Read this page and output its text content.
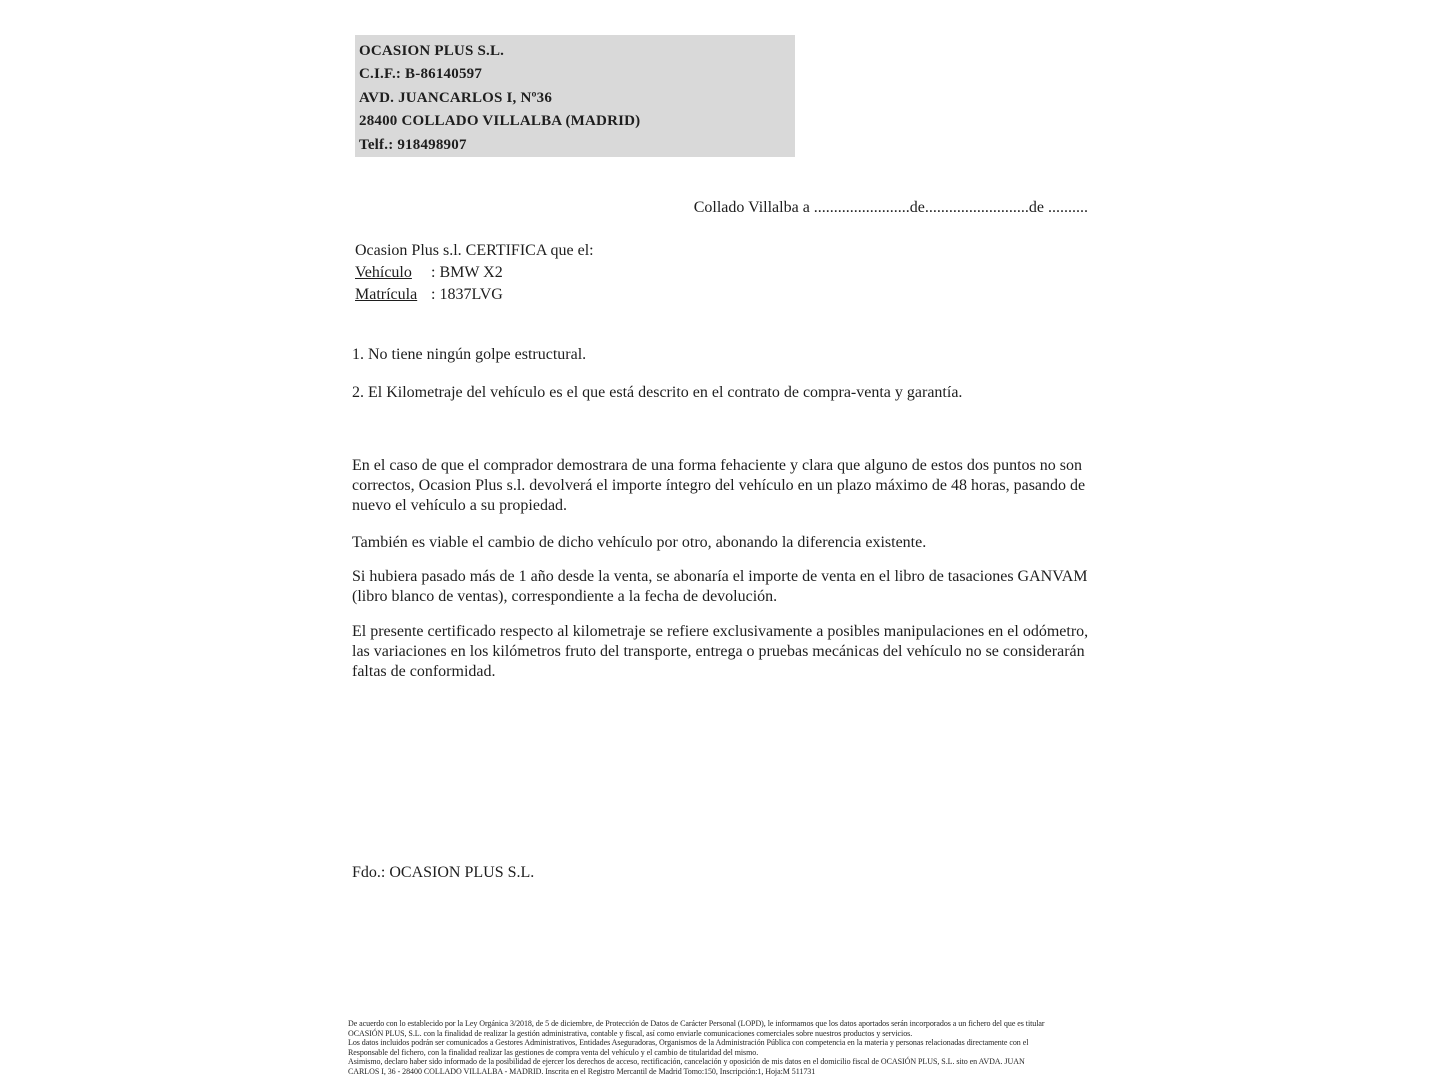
OCASION PLUS S.L.
C.I.F.: B-86140597
AVD. JUANCARLOS I, Nº36
28400 COLLADO VILLALBA (MADRID)
Telf.: 918498907
Collado Villalba a ........................de..........................de ..........
Ocasion Plus s.l. CERTIFICA que el:
Vehículo : BMW X2
Matrícula : 1837LVG
1. No tiene ningún golpe estructural.
2. El Kilometraje del vehículo es el que está descrito en el contrato de compra-venta y garantía.
En el caso de que el comprador demostrara de una forma fehaciente y clara que alguno de estos dos puntos no son correctos, Ocasion Plus s.l. devolverá el importe íntegro del vehículo en un plazo máximo de 48 horas, pasando de nuevo el vehículo a su propiedad.
También es viable el cambio de dicho vehículo por otro, abonando la diferencia existente.
Si hubiera pasado más de 1 año desde la venta, se abonaría el importe de venta en el libro de tasaciones GANVAM (libro blanco de ventas), correspondiente a la fecha de devolución.
El presente certificado respecto al kilometraje se refiere exclusivamente a posibles manipulaciones en el odómetro, las variaciones en los kilómetros fruto del transporte, entrega o pruebas mecánicas del vehículo no se considerarán faltas de conformidad.
Fdo.: OCASION PLUS S.L.
De acuerdo con lo establecido por la Ley Orgánica 3/2018, de 5 de diciembre, de Protección de Datos de Carácter Personal (LOPD), le informamos que los datos aportados serán incorporados a un fichero del que es titular
OCASIÓN PLUS, S.L. con la finalidad de realizar la gestión administrativa, contable y fiscal, así como enviarle comunicaciones comerciales sobre nuestros productos y servicios.
Los datos incluidos podrán ser comunicados a Gestores Administrativos, Entidades Aseguradoras, Organismos de la Administración Pública con competencia en la materia y personas relacionadas directamente con el
Responsable del fichero, con la finalidad realizar las gestiones de compra venta del vehículo y el cambio de titularidad del mismo.
Asimismo, declaro haber sido informado de la posibilidad de ejercer los derechos de acceso, rectificación, cancelación y oposición de mis datos en el domicilio fiscal de OCASIÓN PLUS, S.L. sito en AVDA. JUAN
CARLOS I, 36 - 28400 COLLADO VILLALBA - MADRID. Inscrita en el Registro Mercantil de Madrid Tomo:150, Inscripción:1, Hoja:M 511731
